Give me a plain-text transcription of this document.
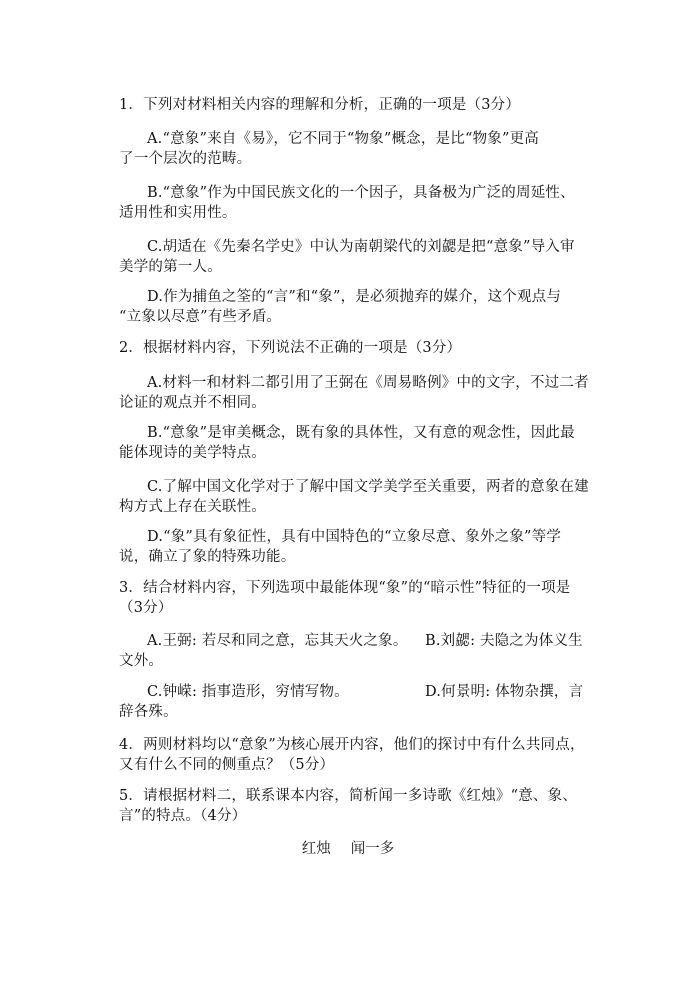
1．下列对材料相关内容的理解和分析，正确的一项是（3分）
A.“意象”来自《易》，它不同于“物象”概念，是比“物象”更高
了一个层次的范畴。
B.“意象”作为中国民族文化的一个因子，具备极为广泛的周延性、
适用性和实用性。
C.胡适在《先秦名学史》中认为南朝梁代的刘勰是把“意象”导入审
美学的第一人。
D.作为捕鱼之筌的“言”和“象”，是必须抛弃的媒介，这个观点与
“立象以尽意”有些矛盾。
2．根据材料内容，下列说法不正确的一项是（3分）
A.材料一和材料二都引用了王弼在《周易略例》中的文字，不过二者
论证的观点并不相同。
B.“意象”是审美概念，既有象的具体性，又有意的观念性，因此最
能体现诗的美学特点。
C.了解中国文化学对于了解中国文学美学至关重要，两者的意象在建
构方式上存在关联性。
D.“象”具有象征性，具有中国特色的“立象尽意、象外之象”等学
说，确立了象的特殊功能。
3．结合材料内容，下列选项中最能体现“象”的“暗示性”特征的一项是
（3分）
A.王弼: 若尽和同之意，忘其天火之象。 B.刘勰: 夫隐之为体义生
文外。
C.钟嵘: 指事造形，穷情写物。	D.何景明: 体物杂撰，言
辞各殊。
4．两则材料均以“意象”为核心展开内容，他们的探讨中有什么共同点，
又有什么不同的侧重点？（5分）
5．请根据材料二，联系课本内容，简析闻一多诗歌《红烛》“意、象、
言”的特点。（4分）
红烛 闻一多
